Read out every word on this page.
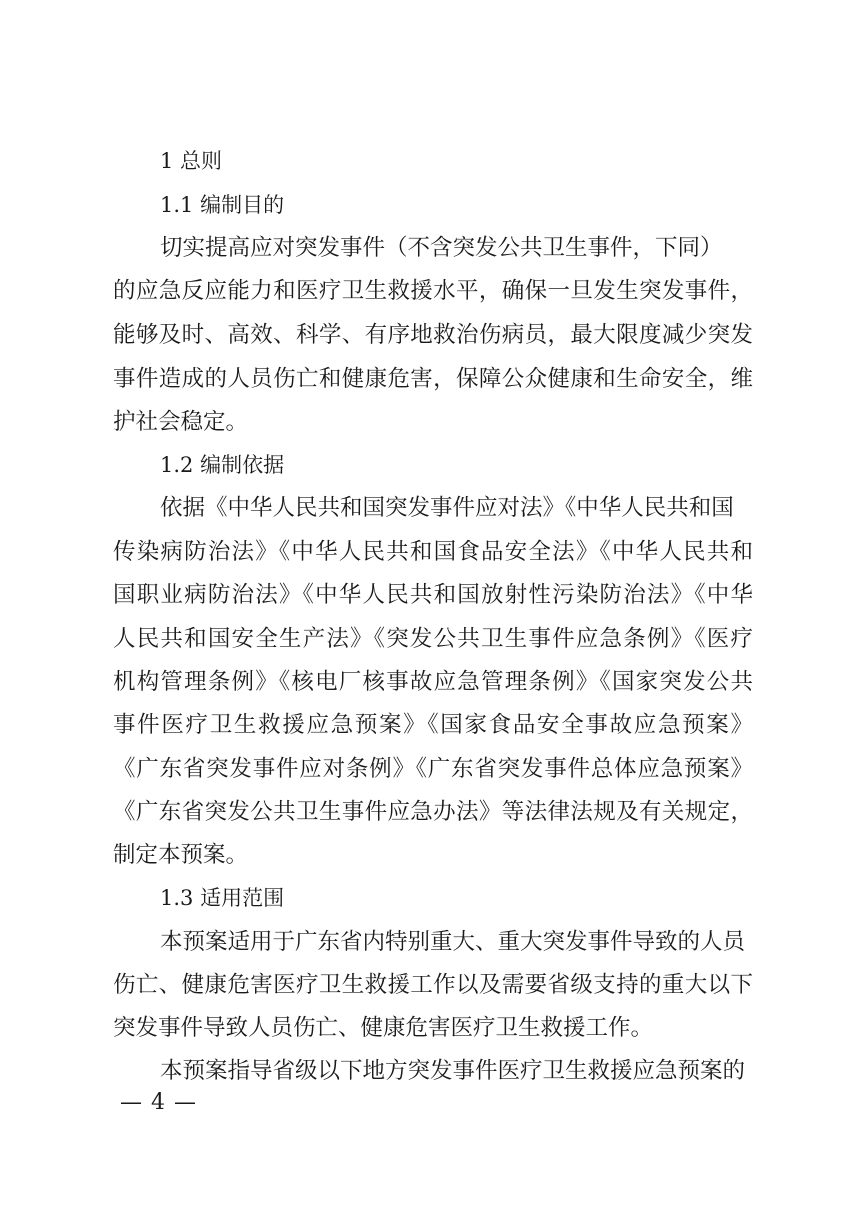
1 总则

1.1 编制目的

切实提高应对突发事件（不含突发公共卫生事件，下同）

的应急反应能力和医疗卫生救援水平，确保一旦发生突发事件，

能够及时、高效、科学、有序地救治伤病员，最大限度减少突发

事件造成的人员伤亡和健康危害，保障公众健康和生命安全，维

护社会稳定。

1.2 编制依据

依据《中华人民共和国突发事件应对法》《中华人民共和国

传染病防治法》《中华人民共和国食品安全法》《中华人民共和

国职业病防治法》《中华人民共和国放射性污染防治法》《中华

人民共和国安全生产法》《突发公共卫生事件应急条例》《医疗

机构管理条例》《核电厂核事故应急管理条例》《国家突发公共

事件医疗卫生救援应急预案》《国家食品安全事故应急预案》

《广东省突发事件应对条例》《广东省突发事件总体应急预案》

《广东省突发公共卫生事件应急办法》等法律法规及有关规定，

制定本预案。

1.3 适用范围

本预案适用于广东省内特别重大、重大突发事件导致的人员

伤亡、健康危害医疗卫生救援工作以及需要省级支持的重大以下

突发事件导致人员伤亡、健康危害医疗卫生救援工作。

本预案指导省级以下地方突发事件医疗卫生救援应急预案的

— 4 —
